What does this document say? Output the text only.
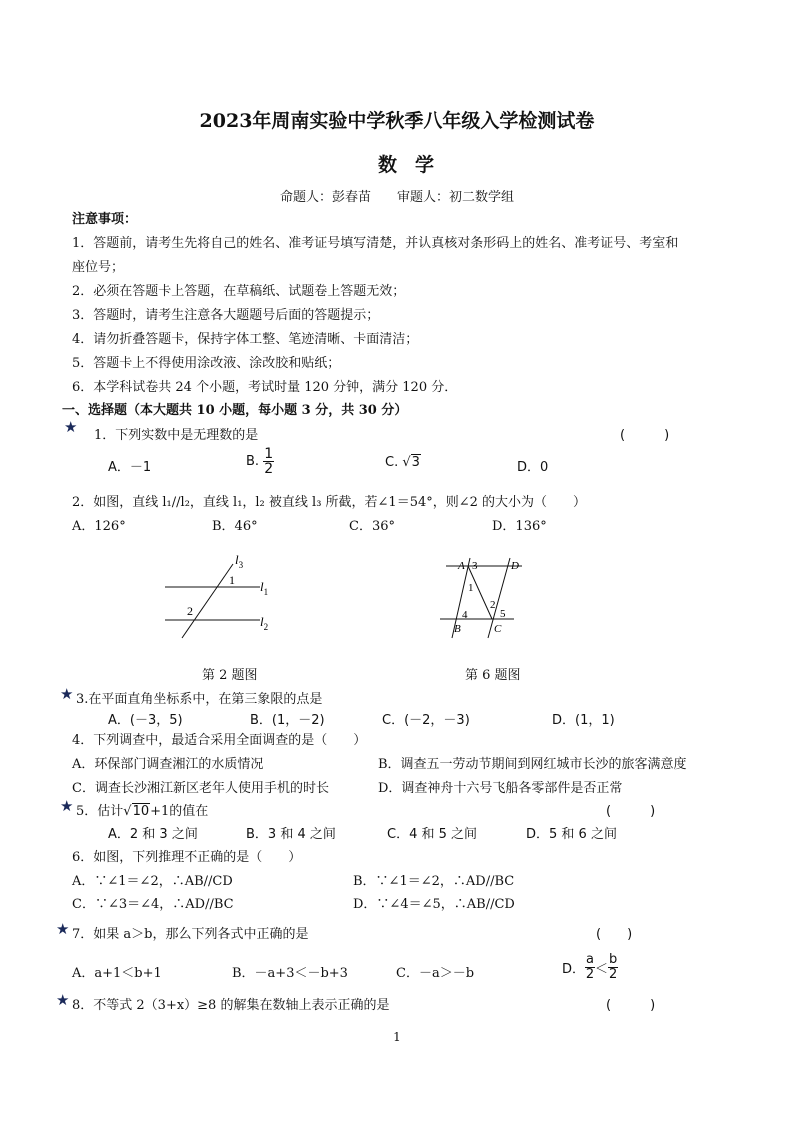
2023年周南实验中学秋季八年级入学检测试卷
数学
命题人：彭春苗　　审题人：初二数学组
注意事项：
1．答题前，请考生先将自己的姓名、准考证号填写清楚，并认真核对条形码上的姓名、准考证号、考室和
座位号；
2．必须在答题卡上答题，在草稿纸、试题卷上答题无效；
3．答题时，请考生注意各大题题号后面的答题提示；
4．请勿折叠答题卡，保持字体工整、笔迹清晰、卡面清洁；
5．答题卡上不得使用涂改液、涂改胶和贴纸；
6．本学科试卷共 24 个小题，考试时量 120 分钟，满分 120 分．
一、选择题（本大题共 10 小题，每小题 3 分，共 30 分）
★ 1．下列实数中是无理数的是	(　　　)
A．－1	B. $\frac{1}{2}$	C. √3	D．0
2．如图，直线 l₁//l₂，直线 l₁，l₂ 被直线 l₃ 所截，若∠1＝54°，则∠2 的大小为（　　）
A．126°	B．46°	C．36°	D．136°
$l_3$
$l_1$
$l_2$
1
2
第 2 题图
A 3	D
1
2
4	5
B	C
第 6 题图
★ 3.在平面直角坐标系中，在第三象限的点是
A．(－3，5)	B．(1，－2)	C．(－2，－3)	D．(1，1)
4．下列调查中，最适合采用全面调查的是（　　）
A．环保部门调查湘江的水质情况	B．调查五一劳动节期间到网红城市长沙的旅客满意度
C．调查长沙湘江新区老年人使用手机的时长	D．调查神舟十六号飞船各零部件是否正常
★ 5．估计√10+1的值在	(　　　)
A．2 和 3 之间	B．3 和 4 之间	C．4 和 5 之间	D．5 和 6 之间
6．如图，下列推理不正确的是（　　）
A．∵∠1＝∠2，∴AB//CD	B．∵∠1＝∠2，∴AD//BC
C．∵∠3＝∠4，∴AD//BC	D．∵∠4＝∠5，∴AB//CD
★ 7．如果 a＞b，那么下列各式中正确的是	(　　)
A．a+1＜b+1	B．－a+3＜－b+3	C．－a＞－b	D． $\frac{a}{2} < \frac{b}{2}$
★ 8．不等式 2（3+x）≥8 的解集在数轴上表示正确的是	(　　　)
1
